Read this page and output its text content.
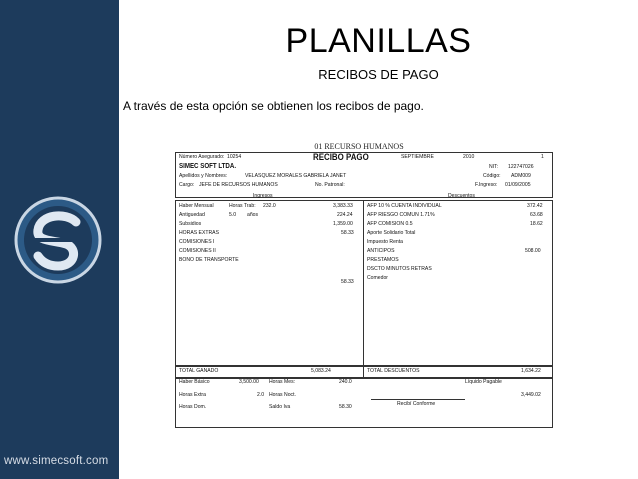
www.simecsoft.com
PLANILLAS
RECIBOS DE PAGO
A través de esta opción se obtienen los recibos de pago.
01 RECURSO HUMANOS
Número Asegurado: 10254	RECIBO PAGO	SEPTIEMBRE	2010	1
SIMEC SOFT LTDA.	NIT: 122747026
Apellidos y Nombres:	VELASQUEZ MORALES GABRIELA JANET	Código: ADM009
Cargo: JEFE DE RECURSOS HUMANOS	No. Patronal:	F.Ingreso: 01/09/2005
Ingresos	Descuentos
Haber Mensual	Horas Trab: 232.0	3,383.33
Antiguedad	5.0 años	224.24
Subsidios	1,359.00
HORAS EXTRAS	58.33
COMISIONES I
COMISIONES II
BONO DE TRANSPORTE
58.33
AFP 10 % CUENTA INDIVIDUAL	372.42
AFP RIESGO COMUN 1.71%	63.68
AFP COMISION 0.5	18.62
Aporte Solidario Total
Impuesto Renta
ANTICIPOS	508.00
PRESTAMOS
DSCTO MINUTOS RETRAS
Comedor
TOTAL GANADO	5,083.24	TOTAL DESCUENTOS	1,634.22
Haber Básico	3,500.00 Horas Mes:	240.0	Líquido Pagable
Horas Extra	2.0 Horas Noct.	3,449.02
Horas Dom.	Saldo Iva	58.30	Recibí Conforme
